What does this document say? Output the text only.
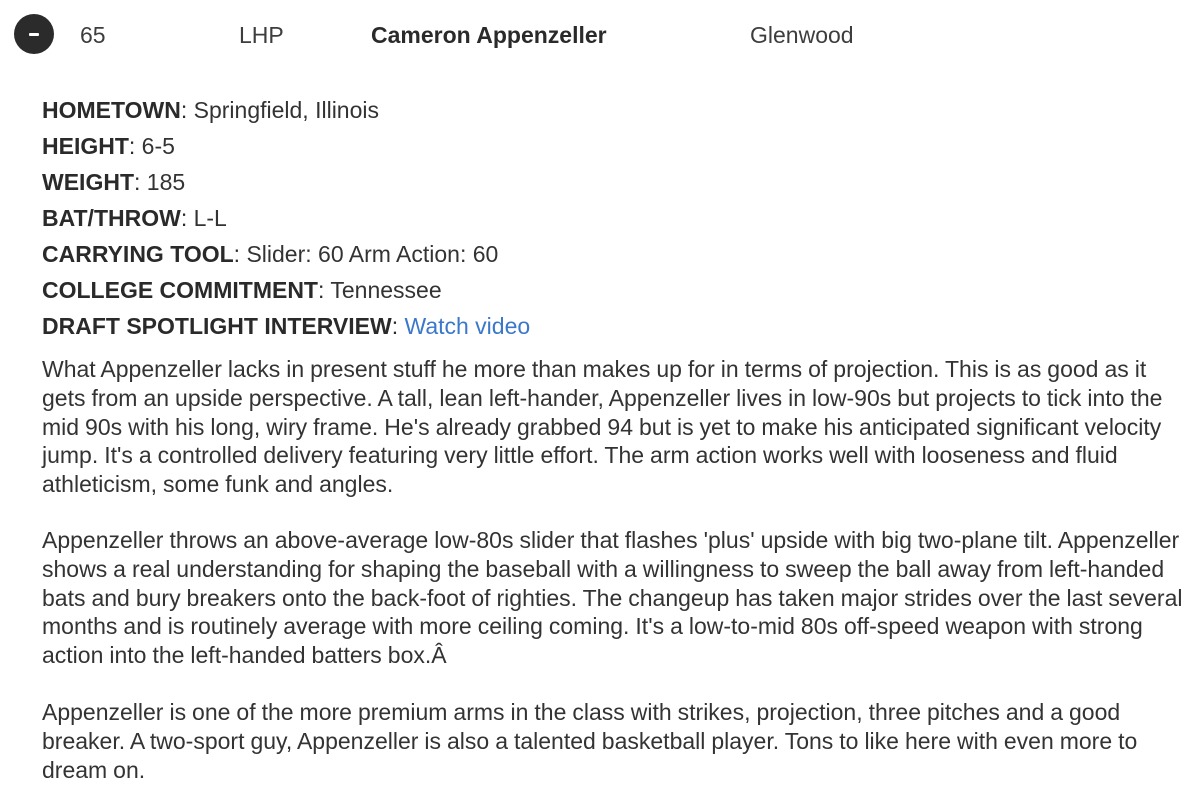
65	LHP	Cameron Appenzeller	Glenwood
HOMETOWN: Springfield, Illinois
HEIGHT: 6-5
WEIGHT: 185
BAT/THROW: L-L
CARRYING TOOL: Slider: 60 Arm Action: 60
COLLEGE COMMITMENT: Tennessee
DRAFT SPOTLIGHT INTERVIEW: Watch video

What Appenzeller lacks in present stuff he more than makes up for in terms of projection. This is as good as it gets from an upside perspective. A tall, lean left-hander, Appenzeller lives in low-90s but projects to tick into the mid 90s with his long, wiry frame. He's already grabbed 94 but is yet to make his anticipated significant velocity jump. It's a controlled delivery featuring very little effort. The arm action works well with looseness and fluid athleticism, some funk and angles.

Appenzeller throws an above-average low-80s slider that flashes 'plus' upside with big two-plane tilt. Appenzeller shows a real understanding for shaping the baseball with a willingness to sweep the ball away from left-handed bats and bury breakers onto the back-foot of righties. The changeup has taken major strides over the last several months and is routinely average with more ceiling coming. It's a low-to-mid 80s off-speed weapon with strong action into the left-handed batters box.Â

Appenzeller is one of the more premium arms in the class with strikes, projection, three pitches and a good breaker. A two-sport guy, Appenzeller is also a talented basketball player. Tons to like here with even more to dream on.
